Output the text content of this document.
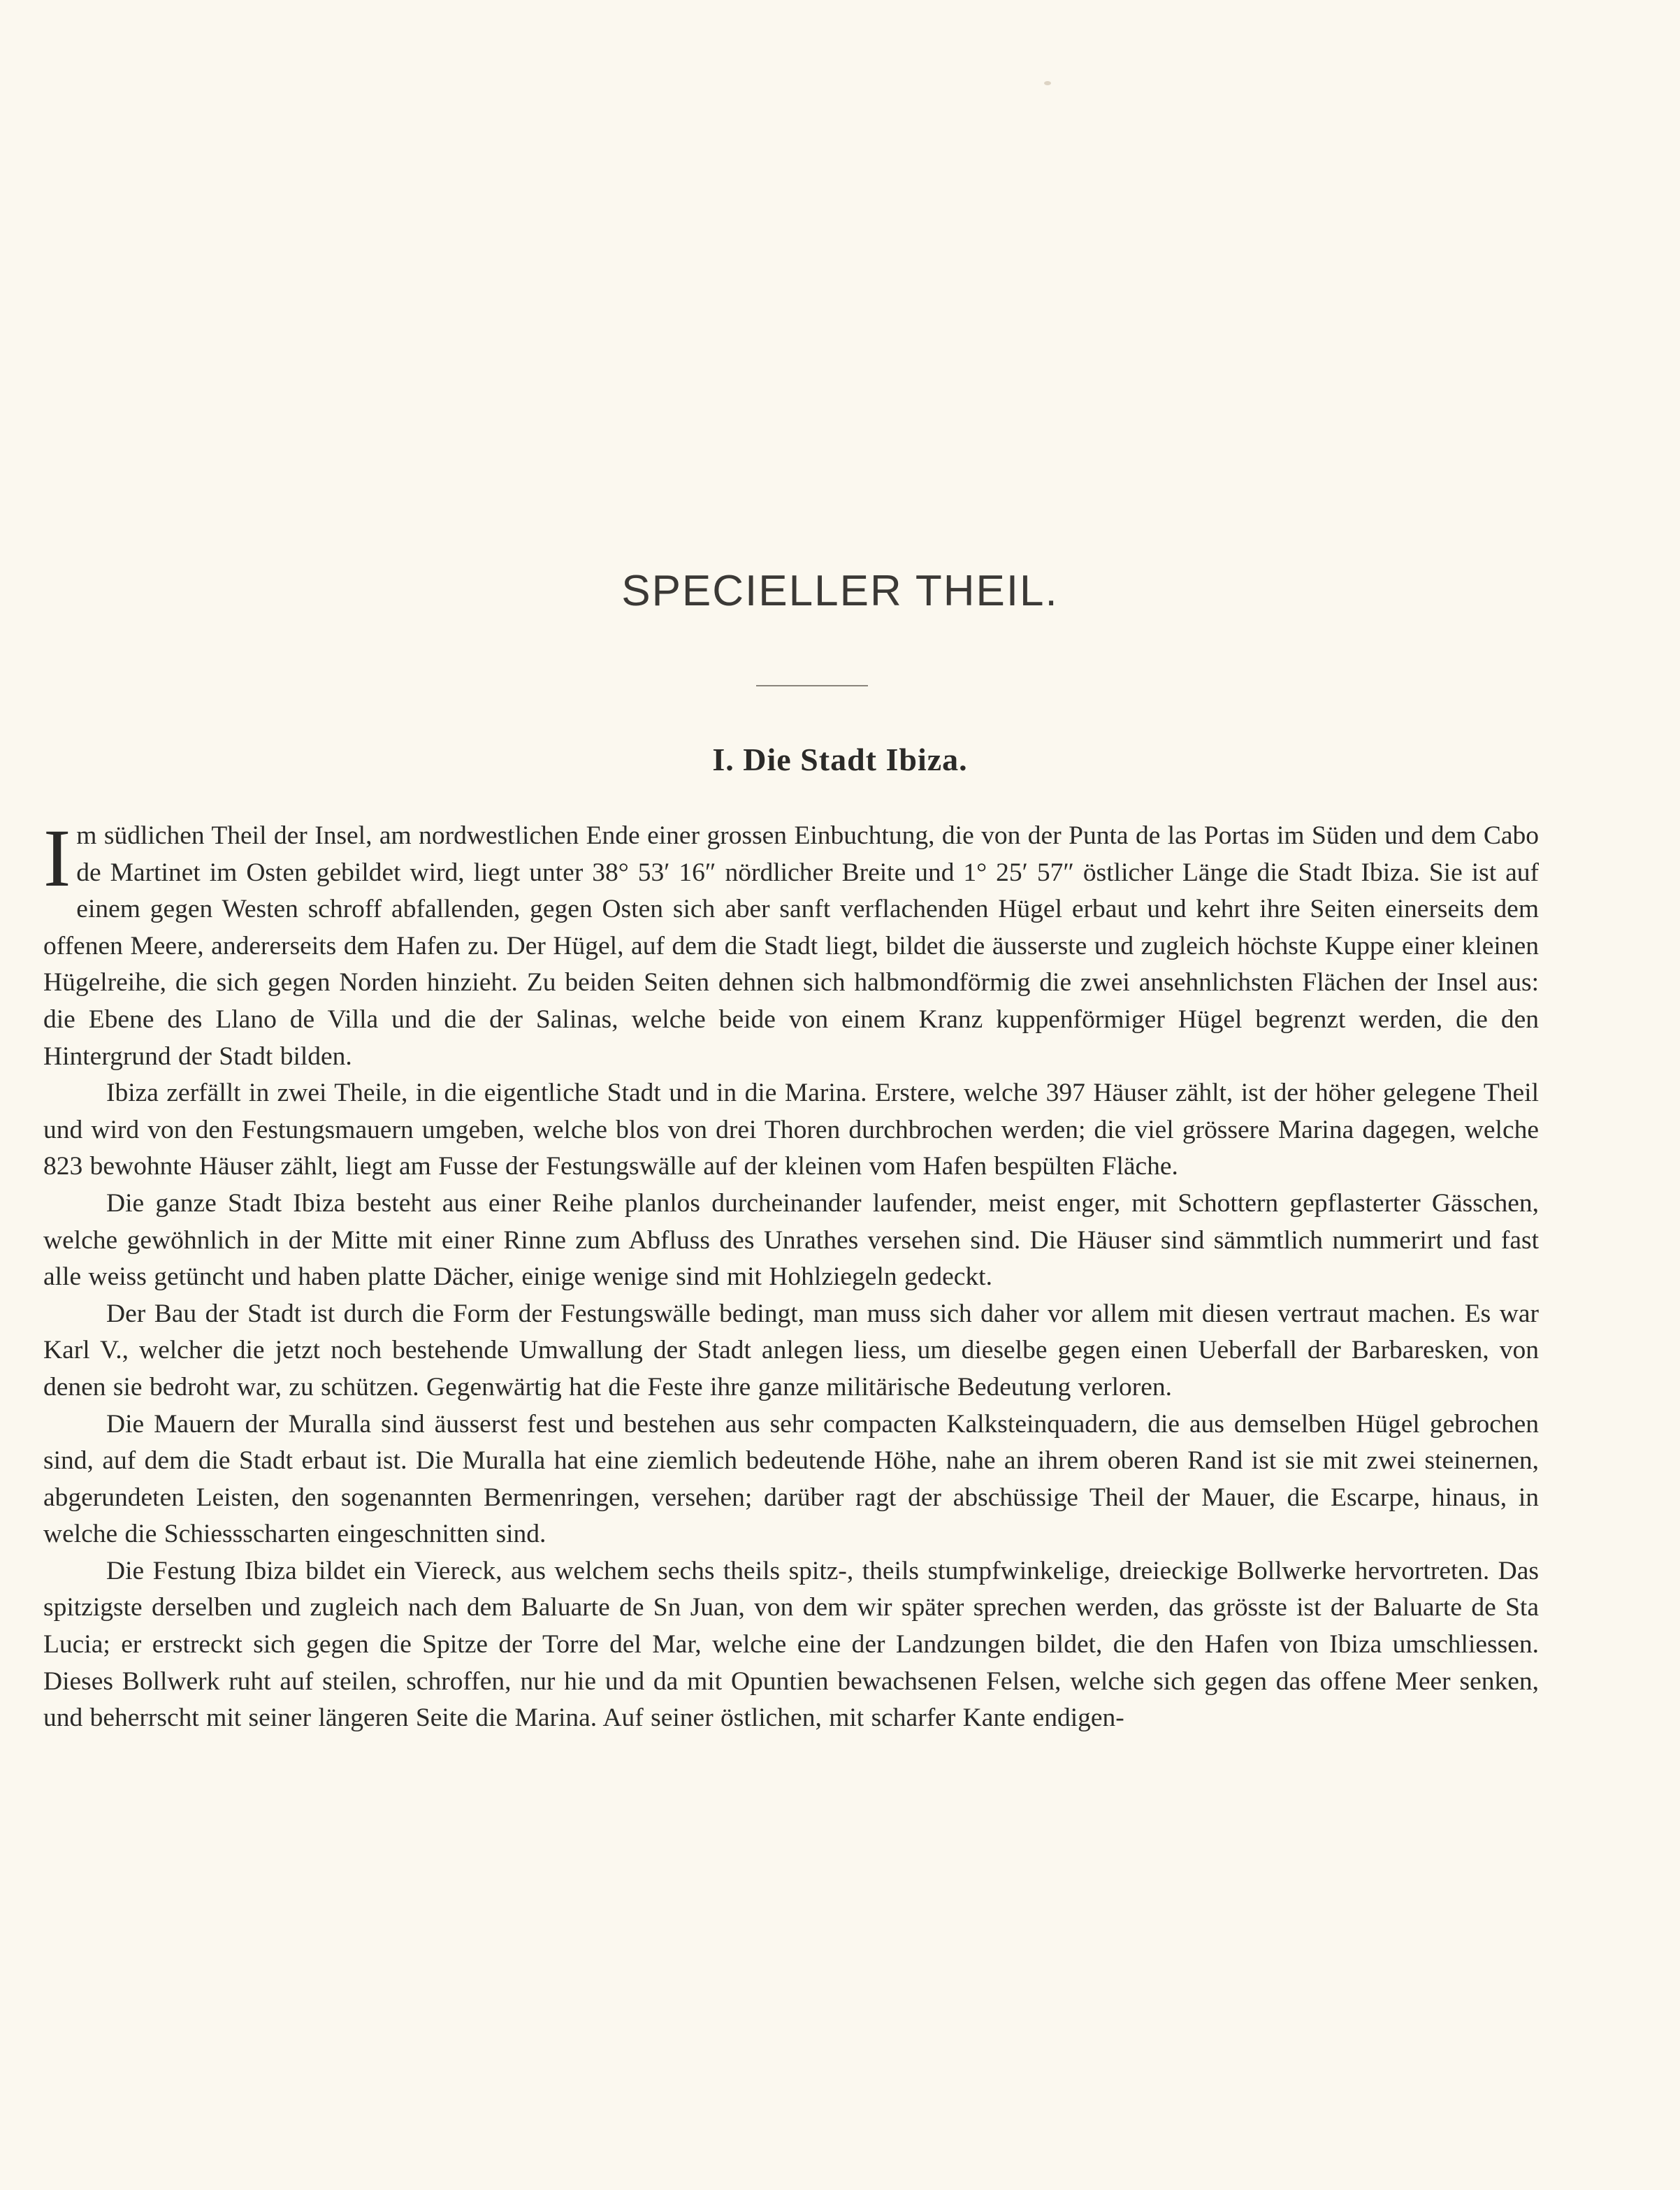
SPECIELLER THEIL.
I. Die Stadt Ibiza.

Im südlichen Theil der Insel, am nordwestlichen Ende einer grossen Einbuchtung, die von der Punta de las Portas im Süden und dem Cabo de Martinet im Osten gebildet wird, liegt unter 38° 53′ 16″ nördlicher Breite und 1° 25′ 57″ östlicher Länge die Stadt Ibiza. Sie ist auf einem gegen Westen schroff abfallenden, gegen Osten sich aber sanft verflachenden Hügel erbaut und kehrt ihre Seiten einerseits dem offenen Meere, andererseits dem Hafen zu. Der Hügel, auf dem die Stadt liegt, bildet die äusserste und zugleich höchste Kuppe einer kleinen Hügelreihe, die sich gegen Norden hinzieht. Zu beiden Seiten dehnen sich halbmondförmig die zwei ansehnlichsten Flächen der Insel aus: die Ebene des Llano de Villa und die der Salinas, welche beide von einem Kranz kuppenförmiger Hügel begrenzt werden, die den Hintergrund der Stadt bilden.

Ibiza zerfällt in zwei Theile, in die eigentliche Stadt und in die Marina. Erstere, welche 397 Häuser zählt, ist der höher gelegene Theil und wird von den Festungsmauern umgeben, welche blos von drei Thoren durchbrochen werden; die viel grössere Marina dagegen, welche 823 bewohnte Häuser zählt, liegt am Fusse der Festungswälle auf der kleinen vom Hafen bespülten Fläche.

Die ganze Stadt Ibiza besteht aus einer Reihe planlos durcheinander laufender, meist enger, mit Schottern gepflasterter Gässchen, welche gewöhnlich in der Mitte mit einer Rinne zum Abfluss des Unrathes versehen sind. Die Häuser sind sämmtlich nummerirt und fast alle weiss getüncht und haben platte Dächer, einige wenige sind mit Hohlziegeln gedeckt.

Der Bau der Stadt ist durch die Form der Festungswälle bedingt, man muss sich daher vor allem mit diesen vertraut machen. Es war Karl V., welcher die jetzt noch bestehende Umwallung der Stadt anlegen liess, um dieselbe gegen einen Ueberfall der Barbaresken, von denen sie bedroht war, zu schützen. Gegenwärtig hat die Feste ihre ganze militärische Bedeutung verloren.

Die Mauern der Muralla sind äusserst fest und bestehen aus sehr compacten Kalksteinquadern, die aus demselben Hügel gebrochen sind, auf dem die Stadt erbaut ist. Die Muralla hat eine ziemlich bedeutende Höhe, nahe an ihrem oberen Rand ist sie mit zwei steinernen, abgerundeten Leisten, den sogenannten Bermenringen, versehen; darüber ragt der abschüssige Theil der Mauer, die Escarpe, hinaus, in welche die Schiessscharten eingeschnitten sind.

Die Festung Ibiza bildet ein Viereck, aus welchem sechs theils spitz-, theils stumpfwinkelige, dreieckige Bollwerke hervortreten. Das spitzigste derselben und zugleich nach dem Baluarte de Sn Juan, von dem wir später sprechen werden, das grösste ist der Baluarte de Sta Lucia; er erstreckt sich gegen die Spitze der Torre del Mar, welche eine der Landzungen bildet, die den Hafen von Ibiza umschliessen. Dieses Bollwerk ruht auf steilen, schroffen, nur hie und da mit Opuntien bewachsenen Felsen, welche sich gegen das offene Meer senken, und beherrscht mit seiner längeren Seite die Marina. Auf seiner östlichen, mit scharfer Kante endigen-
